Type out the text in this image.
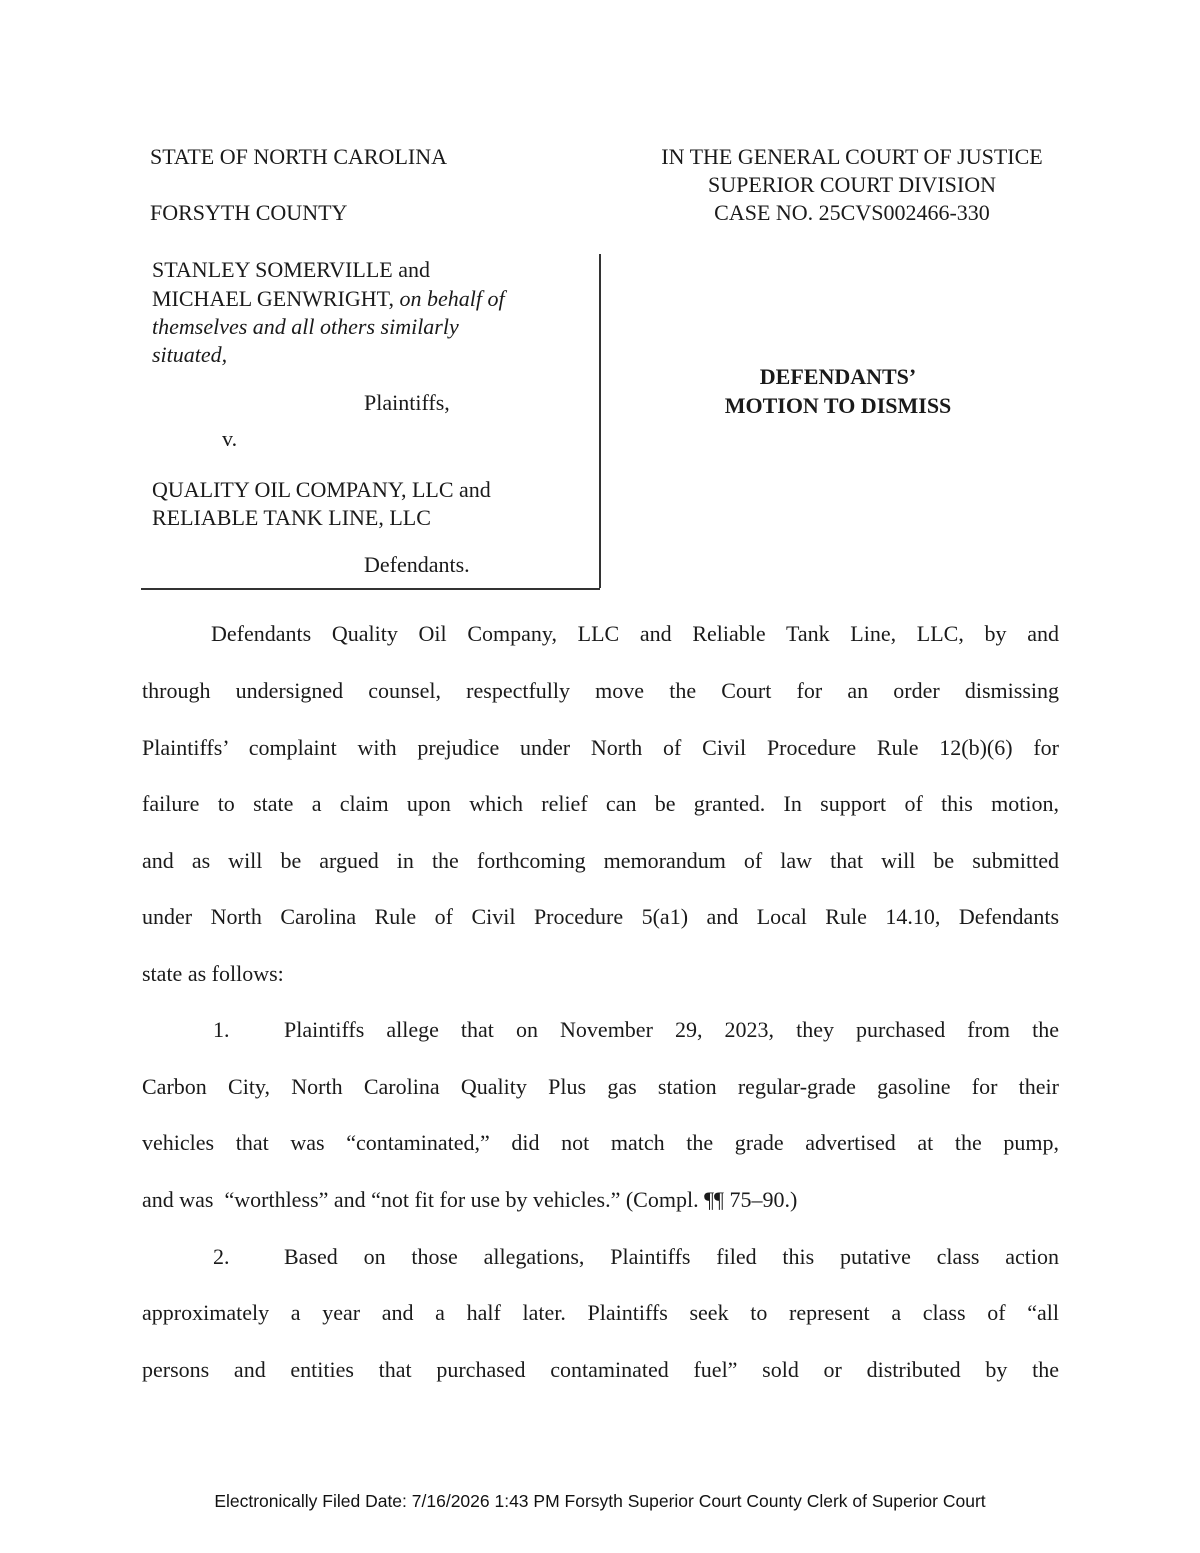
STATE OF NORTH CAROLINA
FORSYTH COUNTY
IN THE GENERAL COURT OF JUSTICE
SUPERIOR COURT DIVISION
CASE NO. 25CVS002466-330
STANLEY SOMERVILLE and
MICHAEL GENWRIGHT, on behalf of
themselves and all others similarly
situated,
Plaintiffs,
v.
QUALITY OIL COMPANY, LLC and
RELIABLE TANK LINE, LLC
Defendants.
DEFENDANTS’
MOTION TO DISMISS
Defendants Quality Oil Company, LLC and Reliable Tank Line, LLC, by and
through undersigned counsel, respectfully move the Court for an order dismissing
Plaintiffs’ complaint with prejudice under North of Civil Procedure Rule 12(b)(6) for
failure to state a claim upon which relief can be granted. In support of this motion,
and as will be argued in the forthcoming memorandum of law that will be submitted
under North Carolina Rule of Civil Procedure 5(a1) and Local Rule 14.10, Defendants
state as follows:
1. Plaintiffs allege that on November 29, 2023, they purchased from the
Carbon City, North Carolina Quality Plus gas station regular-grade gasoline for their
vehicles that was “contaminated,” did not match the grade advertised at the pump,
and was  “worthless” and “not fit for use by vehicles.” (Compl. ¶¶ 75–90.)
2. Based on those allegations, Plaintiffs filed this putative class action
approximately a year and a half later. Plaintiffs seek to represent a class of “all
persons and entities that purchased contaminated fuel” sold or distributed by the
Electronically Filed Date: 7/16/2026 1:43 PM Forsyth Superior Court County Clerk of Superior Court
